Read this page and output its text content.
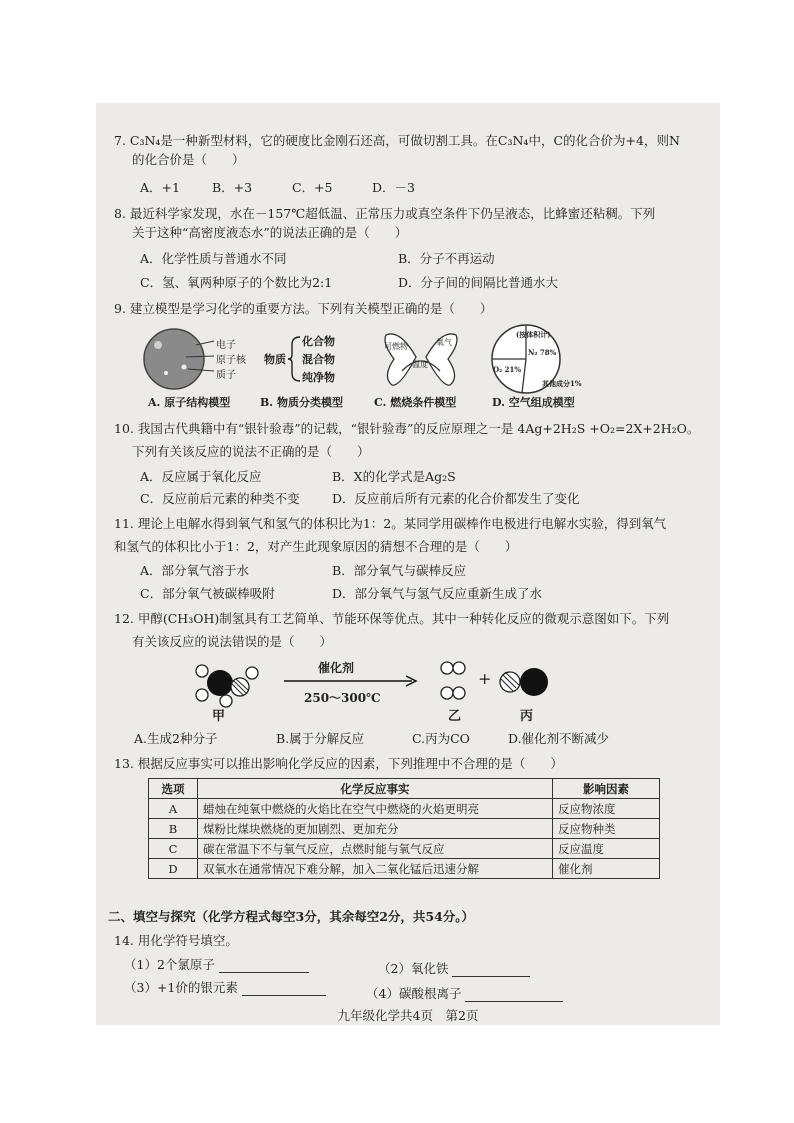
7. C₃N₄是一种新型材料，它的硬度比金刚石还高，可做切割工具。在C₃N₄中，C的化合价为+4，则N
的化合价是（　　）
A．+1	B．+3	C．+5	D．－3
8. 最近科学家发现，水在－157℃超低温、正常压力或真空条件下仍呈液态，比蜂蜜还粘稠。下列
关于这种“高密度液态水”的说法正确的是（　　）
A．化学性质与普通水不同	B．分子不再运动
C．氢、氧两种原子的个数比为2:1	D．分子间的间隔比普通水大
9. 建立模型是学习化学的重要方法。下列有关模型正确的是（　　）
电子
原子核
质子
A. 原子结构模型
物质
化合物
混合物
纯净物
B. 物质分类模型
可燃物	氧气
温度
C. 燃烧条件模型
(按体积计)
N₂ 78%
O₂ 21%
其他成分1%
D. 空气组成模型
10. 我国古代典籍中有“银针验毒”的记载，“银针验毒”的反应原理之一是 4Ag+2H₂S +O₂=2X+2H₂O。
下列有关该反应的说法不正确的是（　　）
A．反应属于氧化反应	B．X的化学式是Ag₂S
C．反应前后元素的种类不变	D．反应前后所有元素的化合价都发生了变化
11. 理论上电解水得到氧气和氢气的体积比为1：2。某同学用碳棒作电极进行电解水实验，得到氧气
和氢气的体积比小于1：2，对产生此现象原因的猜想不合理的是（　　）
A．部分氧气溶于水	B．部分氧气与碳棒反应
C．部分氧气被碳棒吸附	D．部分氧气与氢气反应重新生成了水
12. 甲醇(CH₃OH)制氢具有工艺简单、节能环保等优点。其中一种转化反应的微观示意图如下。下列
有关该反应的说法错误的是（　　）
甲
催化剂
250～300℃
+
乙	丙
A.生成2种分子	B.属于分解反应	C.丙为CO	D.催化剂不断减少
13. 根据反应事实可以推出影响化学反应的因素，下列推理中不合理的是（　　）
选项	化学反应事实	影响因素
A	蜡烛在纯氧中燃烧的火焰比在空气中燃烧的火焰更明亮	反应物浓度
B	煤粉比煤块燃烧的更加剧烈、更加充分	反应物种类
C	碳在常温下不与氧气反应，点燃时能与氧气反应	反应温度
D	双氧水在通常情况下难分解，加入二氧化锰后迅速分解	催化剂
二、填空与探究（化学方程式每空3分，其余每空2分，共54分。）
14. 用化学符号填空。
（1）2个氯原子	（2）氧化铁
（3）+1价的银元素	（4）碳酸根离子
九年级化学共4页　第2页
